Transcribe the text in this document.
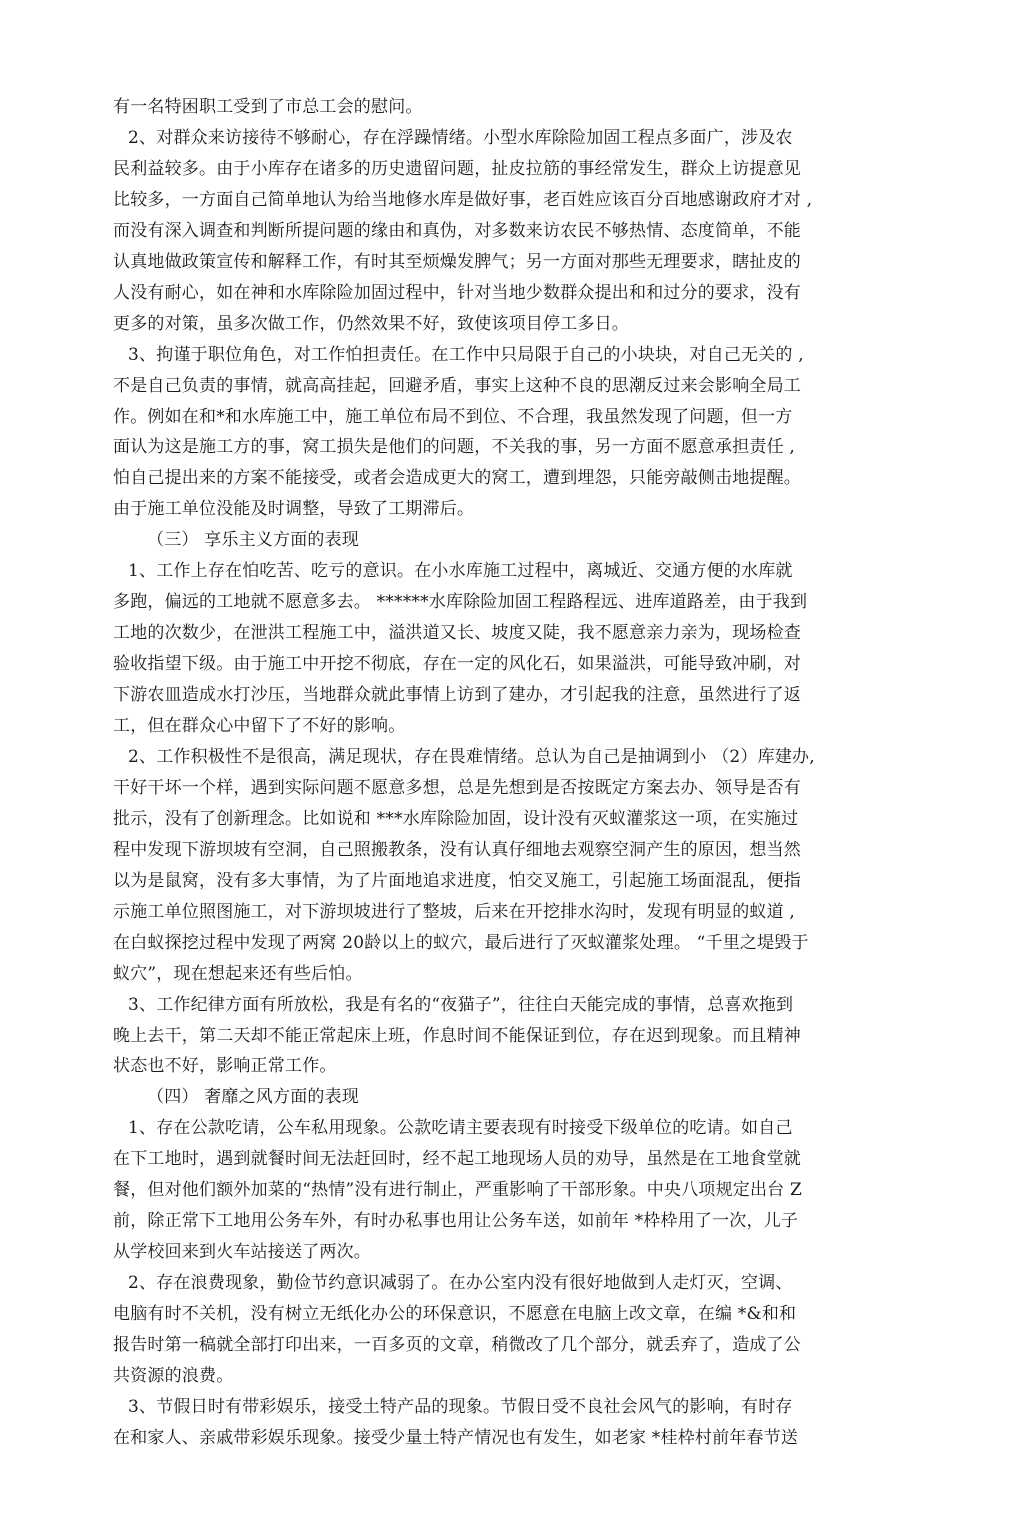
有一名特困职工受到了市总工会的慰问。
2、对群众来访接待不够耐心，存在浮躁情绪。小型水库除险加固工程点多面广，涉及农
民利益较多。由于小库存在诸多的历史遗留问题，扯皮拉筋的事经常发生，群众上访提意见
比较多，一方面自己简单地认为给当地修水库是做好事，老百姓应该百分百地感谢政府才对 ,
而没有深入调查和判断所提问题的缘由和真伪，对多数来访农民不够热情、态度简单，不能
认真地做政策宣传和解释工作，有时其至烦燥发脾气；另一方面对那些无理要求，瞎扯皮的
人没有耐心，如在神和水库除险加固过程中，针对当地少数群众提出和和过分的要求，没有
更多的对策，虽多次做工作，仍然效果不好，致使该项目停工多日。
3、拘谨于职位角色，对工作怕担责任。在工作中只局限于自己的小块块，对自己无关的 ,
不是自己负责的事情，就高高挂起，回避矛盾，事实上这种不良的思潮反过来会影响全局工
作。例如在和*和水库施工中，施工单位布局不到位、不合理，我虽然发现了问题，但一方
面认为这是施工方的事，窝工损失是他们的问题，不关我的事，另一方面不愿意承担责任 ,
怕自己提出来的方案不能接受，或者会造成更大的窝工，遭到埋怨，只能旁敲侧击地提醒。
由于施工单位没能及时调整，导致了工期滞后。
（三） 享乐主义方面的表现
1、工作上存在怕吃苦、吃亏的意识。在小水库施工过程中，离城近、交通方便的水库就
多跑，偏远的工地就不愿意多去。 ******水库除险加固工程路程远、进库道路差，由于我到
工地的次数少，在泄洪工程施工中，溢洪道又长、坡度又陡，我不愿意亲力亲为，现场检查
验收指望下级。由于施工中开挖不彻底，存在一定的风化石，如果溢洪，可能导致冲刷，对
下游农皿造成水打沙压，当地群众就此事情上访到了建办，才引起我的注意，虽然进行了返
工，但在群众心中留下了不好的影响。
2、工作积极性不是很高，满足现状，存在畏难情绪。总认为自己是抽调到小 （2）库建办,
干好干坏一个样，遇到实际问题不愿意多想，总是先想到是否按既定方案去办、领导是否有
批示，没有了创新理念。比如说和 ***水库除险加固，设计没有灭蚁灌浆这一项，在实施过
程中发现下游坝坡有空洞，自己照搬教条，没有认真仔细地去观察空洞产生的原因，想当然
以为是鼠窝，没有多大事情，为了片面地追求进度，怕交叉施工，引起施工场面混乱，便指
示施工单位照图施工，对下游坝坡进行了整坡，后来在开挖排水沟时，发现有明显的蚁道 ,
在白蚁探挖过程中发现了两窝 20龄以上的蚁穴，最后进行了灭蚁灌浆处理。 “千里之堤毁于
蚁穴”，现在想起来还有些后怕。
3、工作纪律方面有所放松，我是有名的“夜猫子”，往往白天能完成的事情，总喜欢拖到
晚上去干，第二天却不能正常起床上班，作息时间不能保证到位，存在迟到现象。而且精神
状态也不好，影响正常工作。
（四） 奢靡之风方面的表现
1、存在公款吃请，公车私用现象。公款吃请主要表现有时接受下级单位的吃请。如自己
在下工地时，遇到就餐时间无法赶回时，经不起工地现场人员的劝导，虽然是在工地食堂就
餐，但对他们额外加菜的“热情”没有进行制止，严重影响了干部形象。中央八项规定出台 Z
前，除正常下工地用公务车外，有时办私事也用让公务车送，如前年 *枠枠用了一次，儿子
从学校回来到火车站接送了两次。
2、存在浪费现象，勤俭节约意识减弱了。在办公室内没有很好地做到人走灯灭，空调、
电脑有时不关机，没有树立无纸化办公的环保意识，不愿意在电脑上改文章，在编 *&和和
报告时第一稿就全部打印出来，一百多页的文章，稍微改了几个部分，就丢弃了，造成了公
共资源的浪费。
3、节假日时有带彩娱乐，接受土特产品的现象。节假日受不良社会风气的影响，有时存
在和家人、亲戚带彩娱乐现象。接受少量土特产情况也有发生，如老家 *桂枠村前年春节送
